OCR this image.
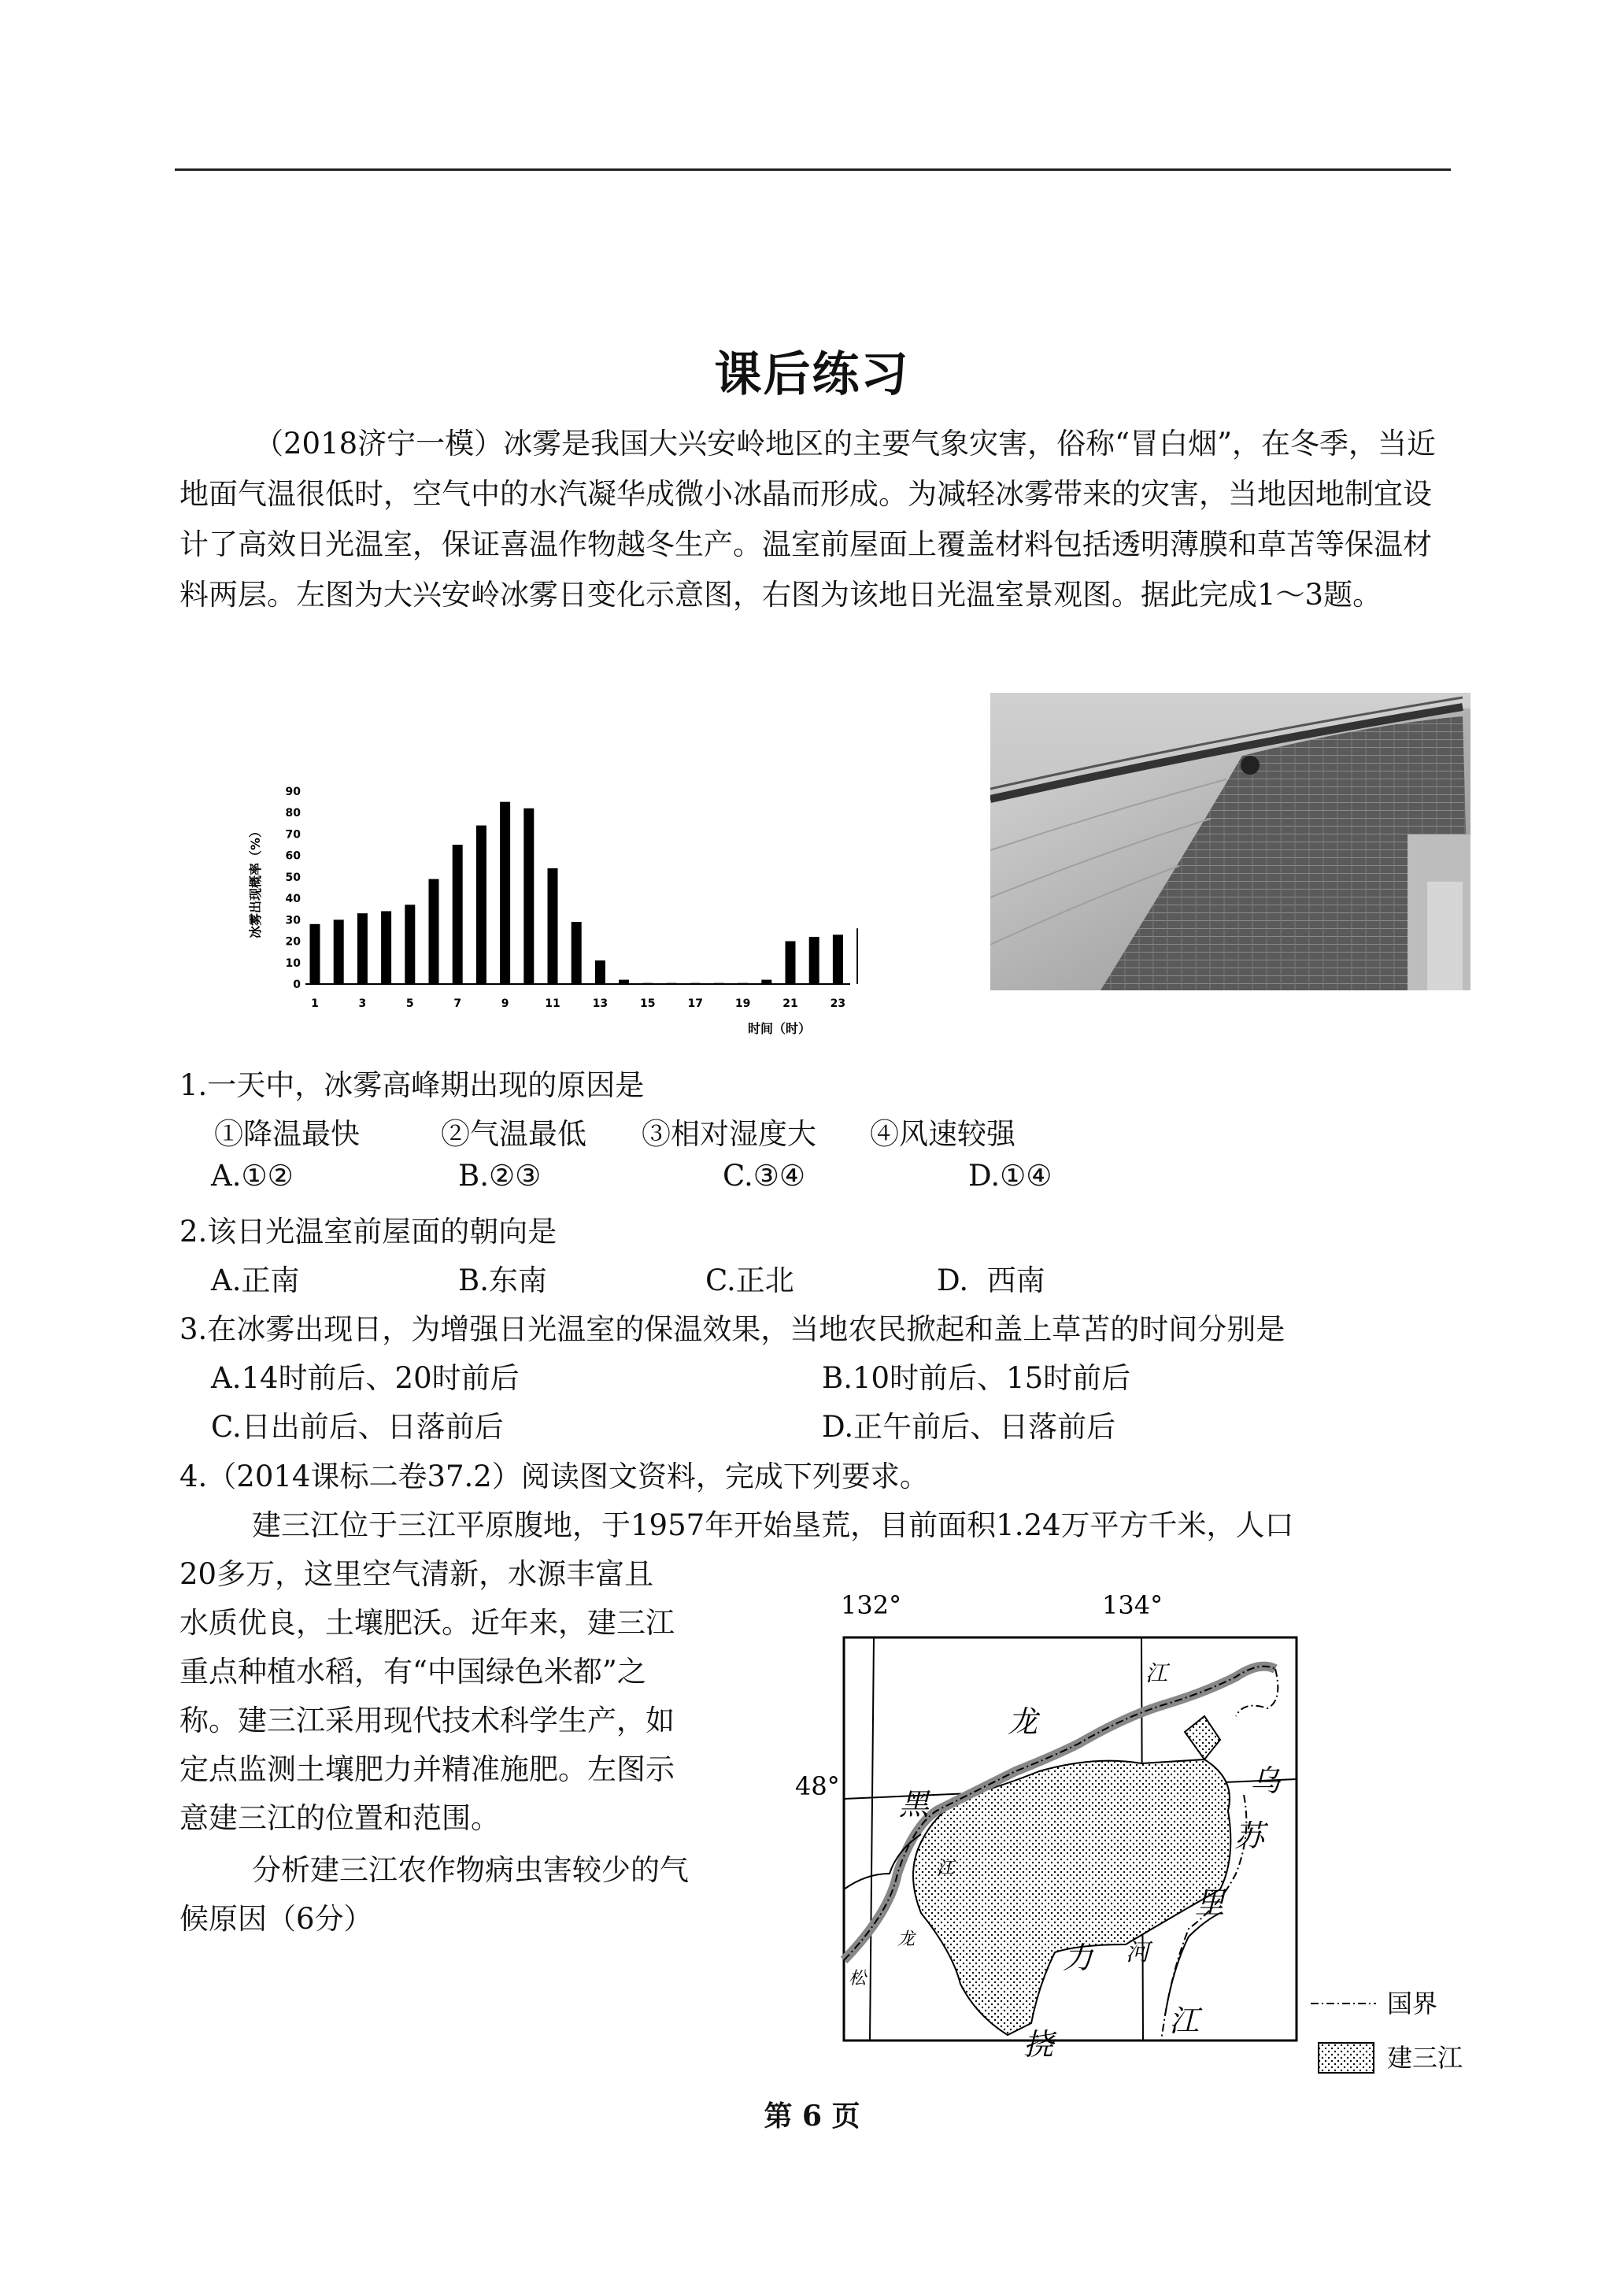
课后练习
（2018济宁一模）冰雾是我国大兴安岭地区的主要气象灾害，俗称“冒白烟”，在冬季，当近地面气温很低时，空气中的水汽凝华成微小冰晶而形成。为减轻冰雾带来的灾害，当地因地制宜设计了高效日光温室，保证喜温作物越冬生产。温室前屋面上覆盖材料包括透明薄膜和草苫等保温材料两层。左图为大兴安岭冰雾日变化示意图，右图为该地日光温室景观图。据此完成1～3题。
0
10
20
30
40
50
60
70
80
90
1	3	5	7	9	11	13	15	17	19	21	23
冰雾出现概率（%）
时间（时）
1.一天中，冰雾高峰期出现的原因是
①降温最快	②气温最低 ③相对湿度大 ④风速较强
A.①②	B.②③	C.③④	D.①④
2.该日光温室前屋面的朝向是
A.正南	B.东南	C.正北	D.  西南
3.在冰雾出现日，为增强日光温室的保温效果，当地农民掀起和盖上草苫的时间分别是
A.14时前后、20时前后	B.10时前后、15时前后
C.日出前后、日落前后	D.正午前后、日落前后
4.（2014课标二卷37.2）阅读图文资料，完成下列要求。
建三江位于三江平原腹地，于1957年开始垦荒，目前面积1.24万平方千米，人口
20多万，这里空气清新，水源丰富且
水质优良，土壤肥沃。近年来，建三江
重点种植水稻，有“中国绿色米都”之
称。建三江采用现代技术科学生产，如
定点监测土壤肥力并精准施肥。左图示
意建三江的位置和范围。
分析建三江农作物病虫害较少的气
候原因（6分）
132°	134°
48°
江
龙
乌
黑
苏
江
里
龙
力 河
松
江
挠
国界
建三江
第 6 页
